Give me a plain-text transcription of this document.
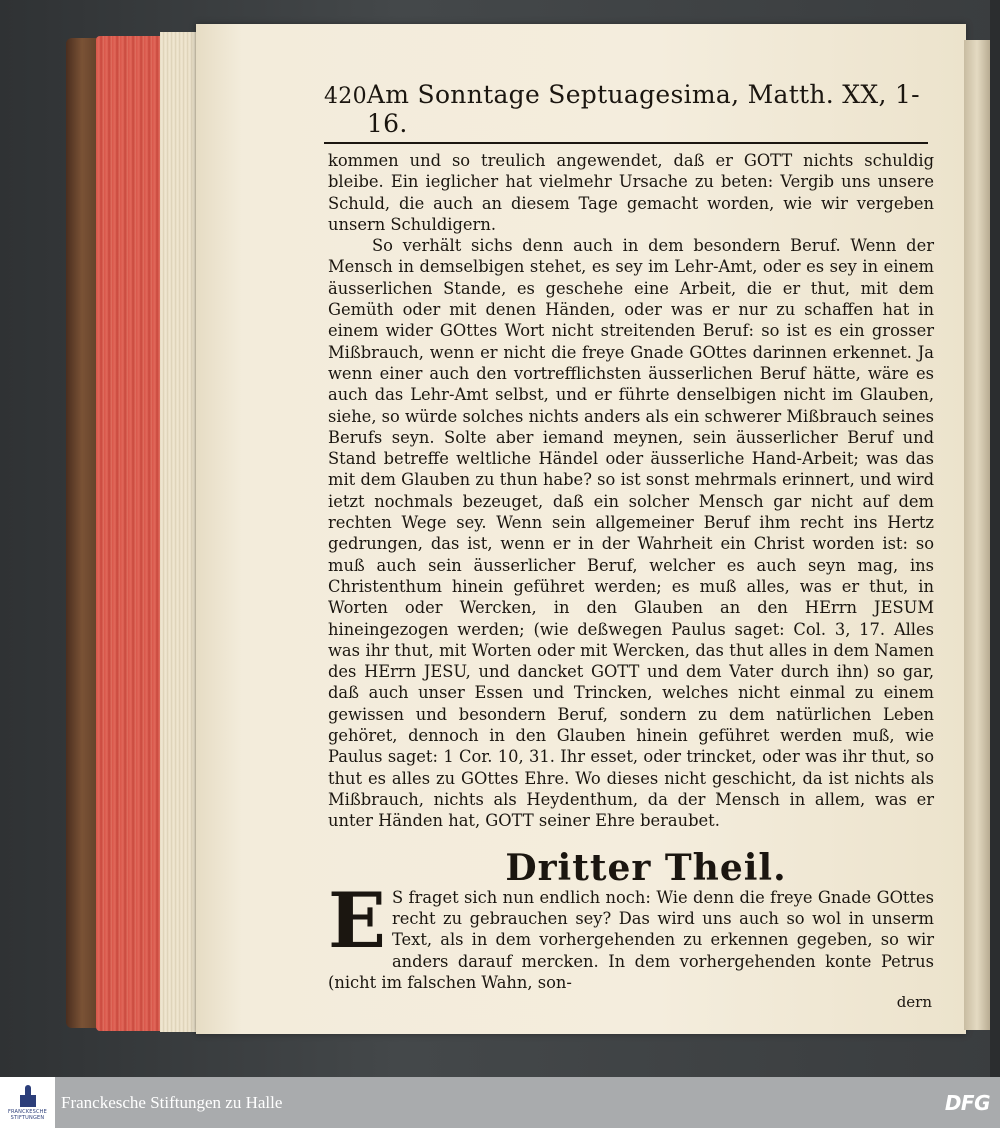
420 Am Sonntage Septuagesima, Matth. XX, 1-16.

kommen und so treulich angewendet, daß er GOTT nichts schuldig bleibe. Ein ieglicher hat vielmehr Ursache zu beten: Vergib uns unsere Schuld, die auch an diesem Tage gemacht worden, wie wir vergeben unsern Schuldigern.

So verhält sichs denn auch in dem besondern Beruf. Wenn der Mensch in demselbigen stehet, es sey im Lehr-Amt, oder es sey in einem äusserlichen Stande, es geschehe eine Arbeit, die er thut, mit dem Gemüth oder mit denen Händen, oder was er nur zu schaffen hat in einem wider GOttes Wort nicht streitenden Beruf: so ist es ein grosser Mißbrauch, wenn er nicht die freye Gnade GOttes darinnen erkennet. Ja wenn einer auch den vortrefflichsten äusserlichen Beruf hätte, wäre es auch das Lehr-Amt selbst, und er führte denselbigen nicht im Glauben, siehe, so würde solches nichts anders als ein schwerer Mißbrauch seines Berufs seyn. Solte aber iemand meynen, sein äusserlicher Beruf und Stand betreffe weltliche Händel oder äusserliche Hand-Arbeit; was das mit dem Glauben zu thun habe? so ist sonst mehrmals erinnert, und wird ietzt nochmals bezeuget, daß ein solcher Mensch gar nicht auf dem rechten Wege sey. Wenn sein allgemeiner Beruf ihm recht ins Hertz gedrungen, das ist, wenn er in der Wahrheit ein Christ worden ist: so muß auch sein äusserlicher Beruf, welcher es auch seyn mag, ins Christenthum hinein geführet werden; es muß alles, was er thut, in Worten oder Wercken, in den Glauben an den HErrn JESUM hineingezogen werden; (wie deßwegen Paulus saget: Col. 3, 17. Alles was ihr thut, mit Worten oder mit Wercken, das thut alles in dem Namen des HErrn JESU, und dancket GOTT und dem Vater durch ihn) so gar, daß auch unser Essen und Trincken, welches nicht einmal zu einem gewissen und besondern Beruf, sondern zu dem natürlichen Leben gehöret, dennoch in den Glauben hinein geführet werden muß, wie Paulus saget: 1 Cor. 10, 31. Ihr esset, oder trincket, oder was ihr thut, so thut es alles zu GOttes Ehre. Wo dieses nicht geschicht, da ist nichts als Mißbrauch, nichts als Heydenthum, da der Mensch in allem, was er unter Händen hat, GOTT seiner Ehre beraubet.

Dritter Theil.
E S fraget sich nun endlich noch: Wie denn die freye Gnade GOttes recht zu gebrauchen sey? Das wird uns auch so wol in unserm Text, als in dem vorhergehenden zu erkennen gegeben, so wir anders darauf mercken. In dem vorhergehenden konte Petrus (nicht im falschen Wahn, son-
dern
FRANCKESCHE STIFTUNGEN
Franckesche Stiftungen zu Halle	DFG
